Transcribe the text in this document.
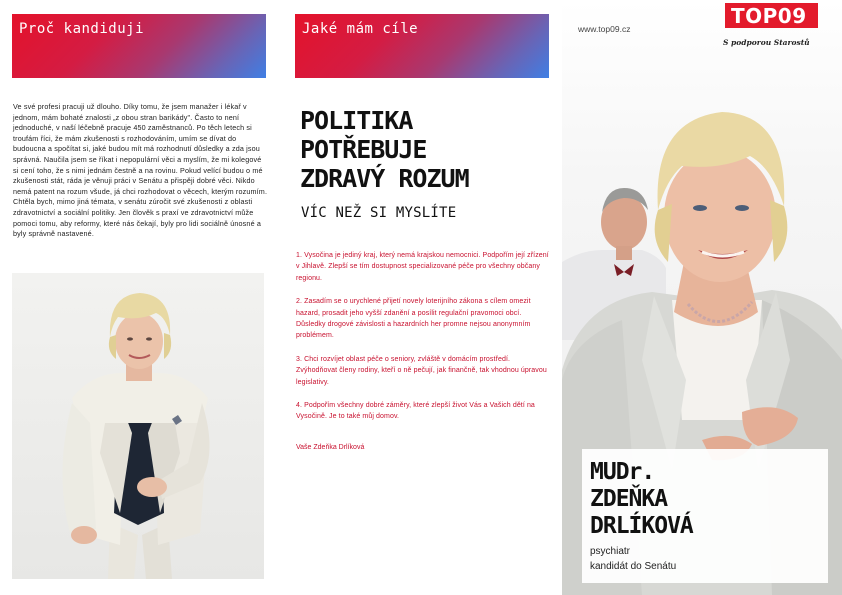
Proč kandiduji

Ve své profesi pracuji už dlouho. Díky tomu, že jsem manažer i lékař v jednom, mám bohaté znalosti „z obou stran barikády". Často to není jednoduché, v naší léčebně pracuje 450 zaměstnanců. Po těch letech si troufám říci, že mám zkušenosti s rozhodováním, umím se dívat do budoucna a spočítat si, jaké budou mít má rozhodnutí důsledky a zda jsou správná. Naučila jsem se říkat i nepopulární věci a myslím, že mi kolegové si cení toho, že s nimi jednám čestně a na rovinu. Pokud velící budou o mé zkušenosti stát, ráda je věnuji práci v Senátu a přispěji dobré věci. Nikdo nemá patent na rozum všude, já chci rozhodovat o věcech, kterým rozumím. Chtěla bych, mimo jiná témata, v senátu zúročit své zkušenosti z oblasti zdravotnictví a sociální politiky. Jen člověk s praxí ve zdravotnictví může pomoci tomu, aby reformy, které nás čekají, byly pro lidi sociálně únosné a byly správně nastavené.

Jaké mám cíle
POLITIKA
POTŘEBUJE
ZDRAVÝ ROZUM
VÍC NEŽ SI MYSLÍTE

1. Vysočina je jediný kraj, který nemá krajskou nemocnici. Podpořím její zřízení v Jihlavě. Zlepší se tím dostupnost specializované péče pro všechny občany regionu.

2. Zasadím se o urychlené přijetí novely loterijního zákona s cílem omezit hazard, prosadit jeho vyšší zdanění a posílit regulační pravomoci obcí. Důsledky drogové závislosti a hazardních her promne nejsou anonymním problémem.

3. Chci rozvíjet oblast péče o seniory, zvláště v domácím prostředí. Zvýhodňovat členy rodiny, kteří o ně pečují, jak finančně, tak vhodnou úpravou legislativy.

4. Podpořím všechny dobré záměry, které zlepší život Vás a Vašich dětí na Vysočině. Je to také můj domov.

Vaše Zdeňka Drlíková
www.top09.cz
TOP09
S podporou Starostů
MUDr.
ZDEŇKA
DRLÍKOVÁ
psychiatr
kandidát do Senátu
